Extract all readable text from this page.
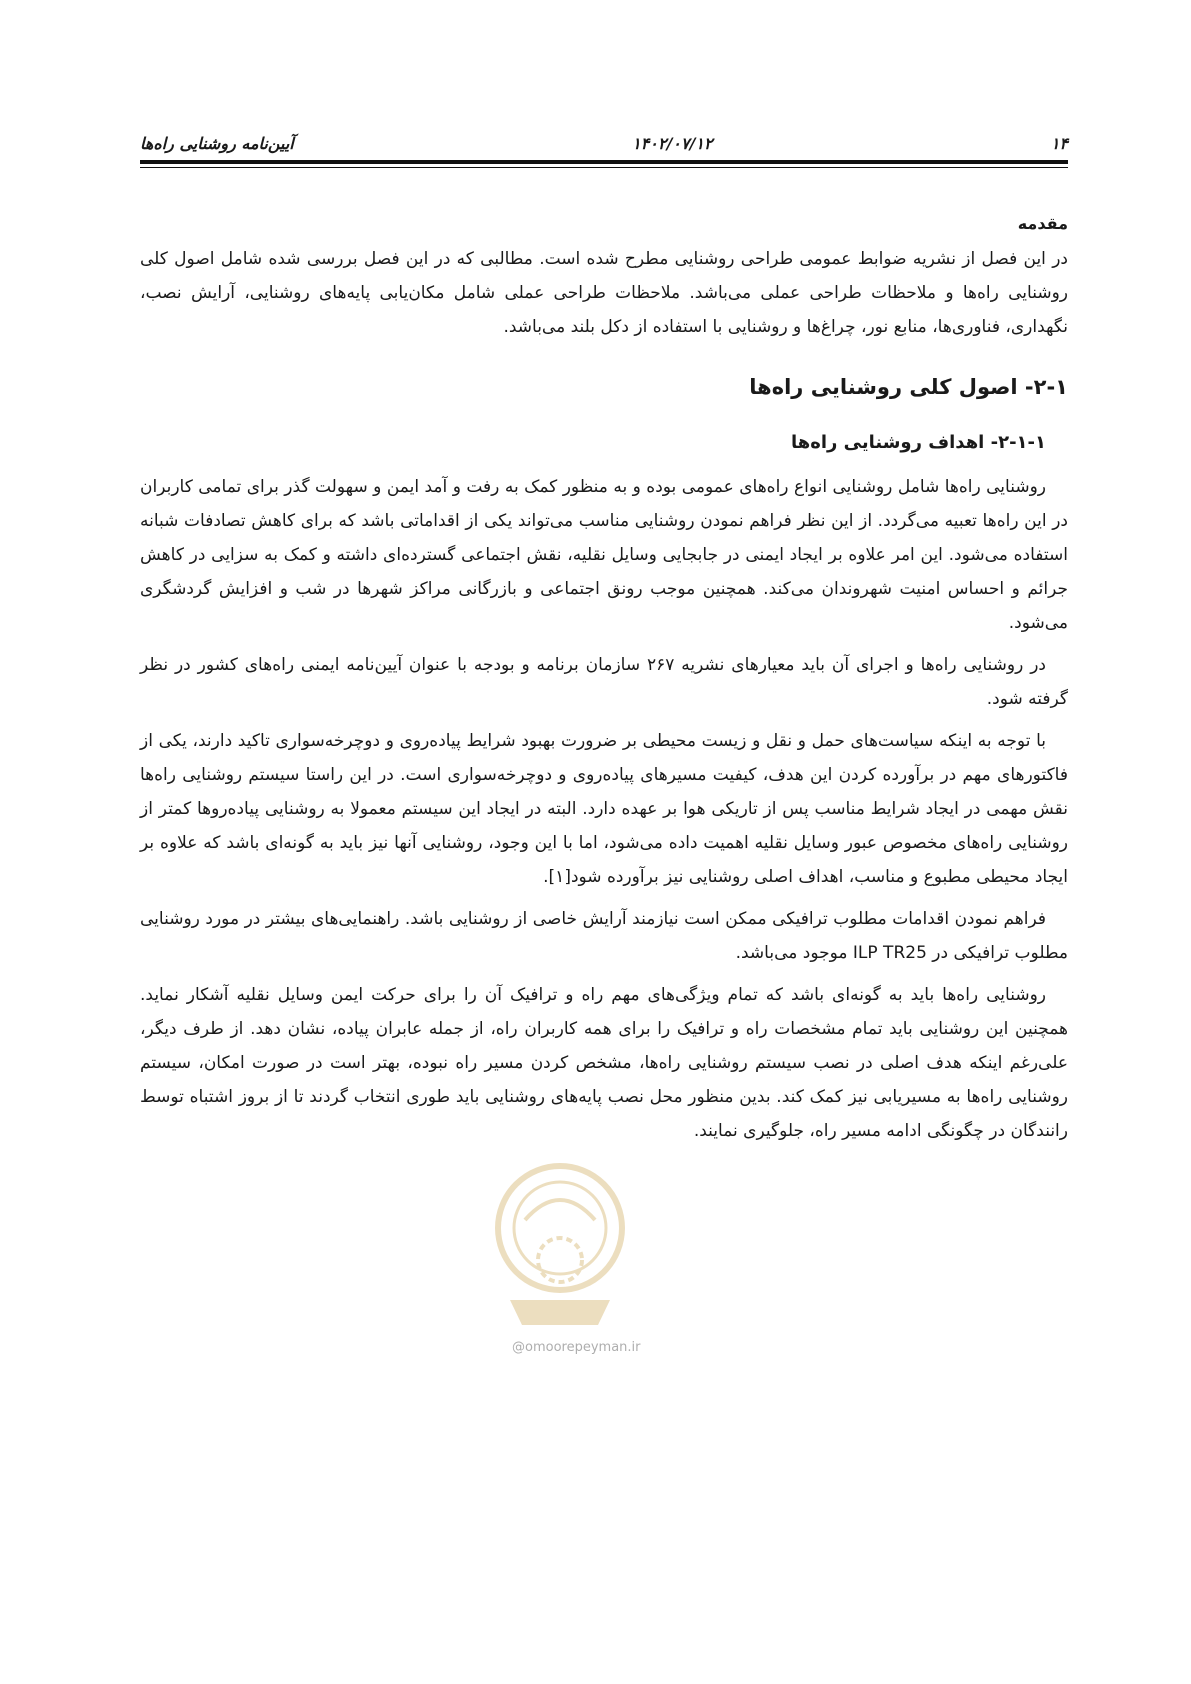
۱۴
۱۴۰۲/۰۷/۱۲
آیین‌نامه روشنایی راه‌ها
مقدمه

در این فصل از نشریه ضوابط عمومی طراحی روشنایی مطرح شده است. مطالبی که در این فصل بررسی شده شامل اصول کلی روشنایی راه‌ها و ملاحظات طراحی عملی می‌باشد. ملاحظات طراحی عملی شامل مکان‌یابی پایه‌های روشنایی، آرایش نصب، نگهداری، فناوری‌ها، منابع نور، چراغ‌ها و روشنایی با استفاده از دکل بلند می‌باشد.

۲-۱- اصول کلی روشنایی راه‌ها
۲-۱-۱- اهداف روشنایی راه‌ها

روشنایی راه‌ها شامل روشنایی انواع راه‌های عمومی بوده و به منظور کمک به رفت و آمد ایمن و سهولت گذر برای تمامی کاربران در این راه‌ها تعبیه می‌گردد. از این نظر فراهم نمودن روشنایی مناسب می‌تواند یکی از اقداماتی باشد که برای کاهش تصادفات شبانه استفاده می‌شود. این امر علاوه بر ایجاد ایمنی در جابجایی وسایل نقلیه، نقش اجتماعی گسترده‌ای داشته و کمک به سزایی در کاهش جرائم و احساس امنیت شهروندان می‌کند. همچنین موجب رونق اجتماعی و بازرگانی مراکز شهرها در شب و افزایش گردشگری می‌شود.

در روشنایی راه‌ها و اجرای آن باید معیارهای نشریه ۲۶۷ سازمان برنامه و بودجه با عنوان آیین‌نامه ایمنی راه‌های کشور در نظر گرفته شود.

با توجه به اینکه سیاست‌های حمل و نقل و زیست محیطی بر ضرورت بهبود شرایط پیاده‌روی و دوچرخه‌سواری تاکید دارند، یکی از فاکتورهای مهم در برآورده کردن این هدف، کیفیت مسیرهای پیاده‌روی و دوچرخه‌سواری است. در این راستا سیستم روشنایی راه‌ها نقش مهمی در ایجاد شرایط مناسب پس از تاریکی هوا بر عهده دارد. البته در ایجاد این سیستم معمولا به روشنایی پیاده‌روها کمتر از روشنایی راه‌های مخصوص عبور وسایل نقلیه اهمیت داده می‌شود، اما با این وجود، روشنایی آنها نیز باید به گونه‌ای باشد که علاوه بر ایجاد محیطی مطبوع و مناسب، اهداف اصلی روشنایی نیز برآورده شود[۱].

فراهم نمودن اقدامات مطلوب ترافیکی ممکن است نیازمند آرایش خاصی از روشنایی باشد. راهنمایی‌های بیشتر در مورد روشنایی مطلوب ترافیکی در ILP TR25 موجود می‌باشد.

روشنایی راه‌ها باید به گونه‌ای باشد که تمام ویژگی‌های مهم راه و ترافیک آن را برای حرکت ایمن وسایل نقلیه آشکار نماید. همچنین این روشنایی باید تمام مشخصات راه و ترافیک را برای همه کاربران راه، از جمله عابران پیاده، نشان دهد. از طرف دیگر، علی‌رغم اینکه هدف اصلی در نصب سیستم روشنایی راه‌ها، مشخص کردن مسیر راه نبوده، بهتر است در صورت امکان، سیستم روشنایی راه‌ها به مسیریابی نیز کمک کند. بدین منظور محل نصب پایه‌های روشنایی باید طوری انتخاب گردند تا از بروز اشتباه توسط رانندگان در چگونگی ادامه مسیر راه، جلوگیری نمایند.

@omoorepeyman.ir
